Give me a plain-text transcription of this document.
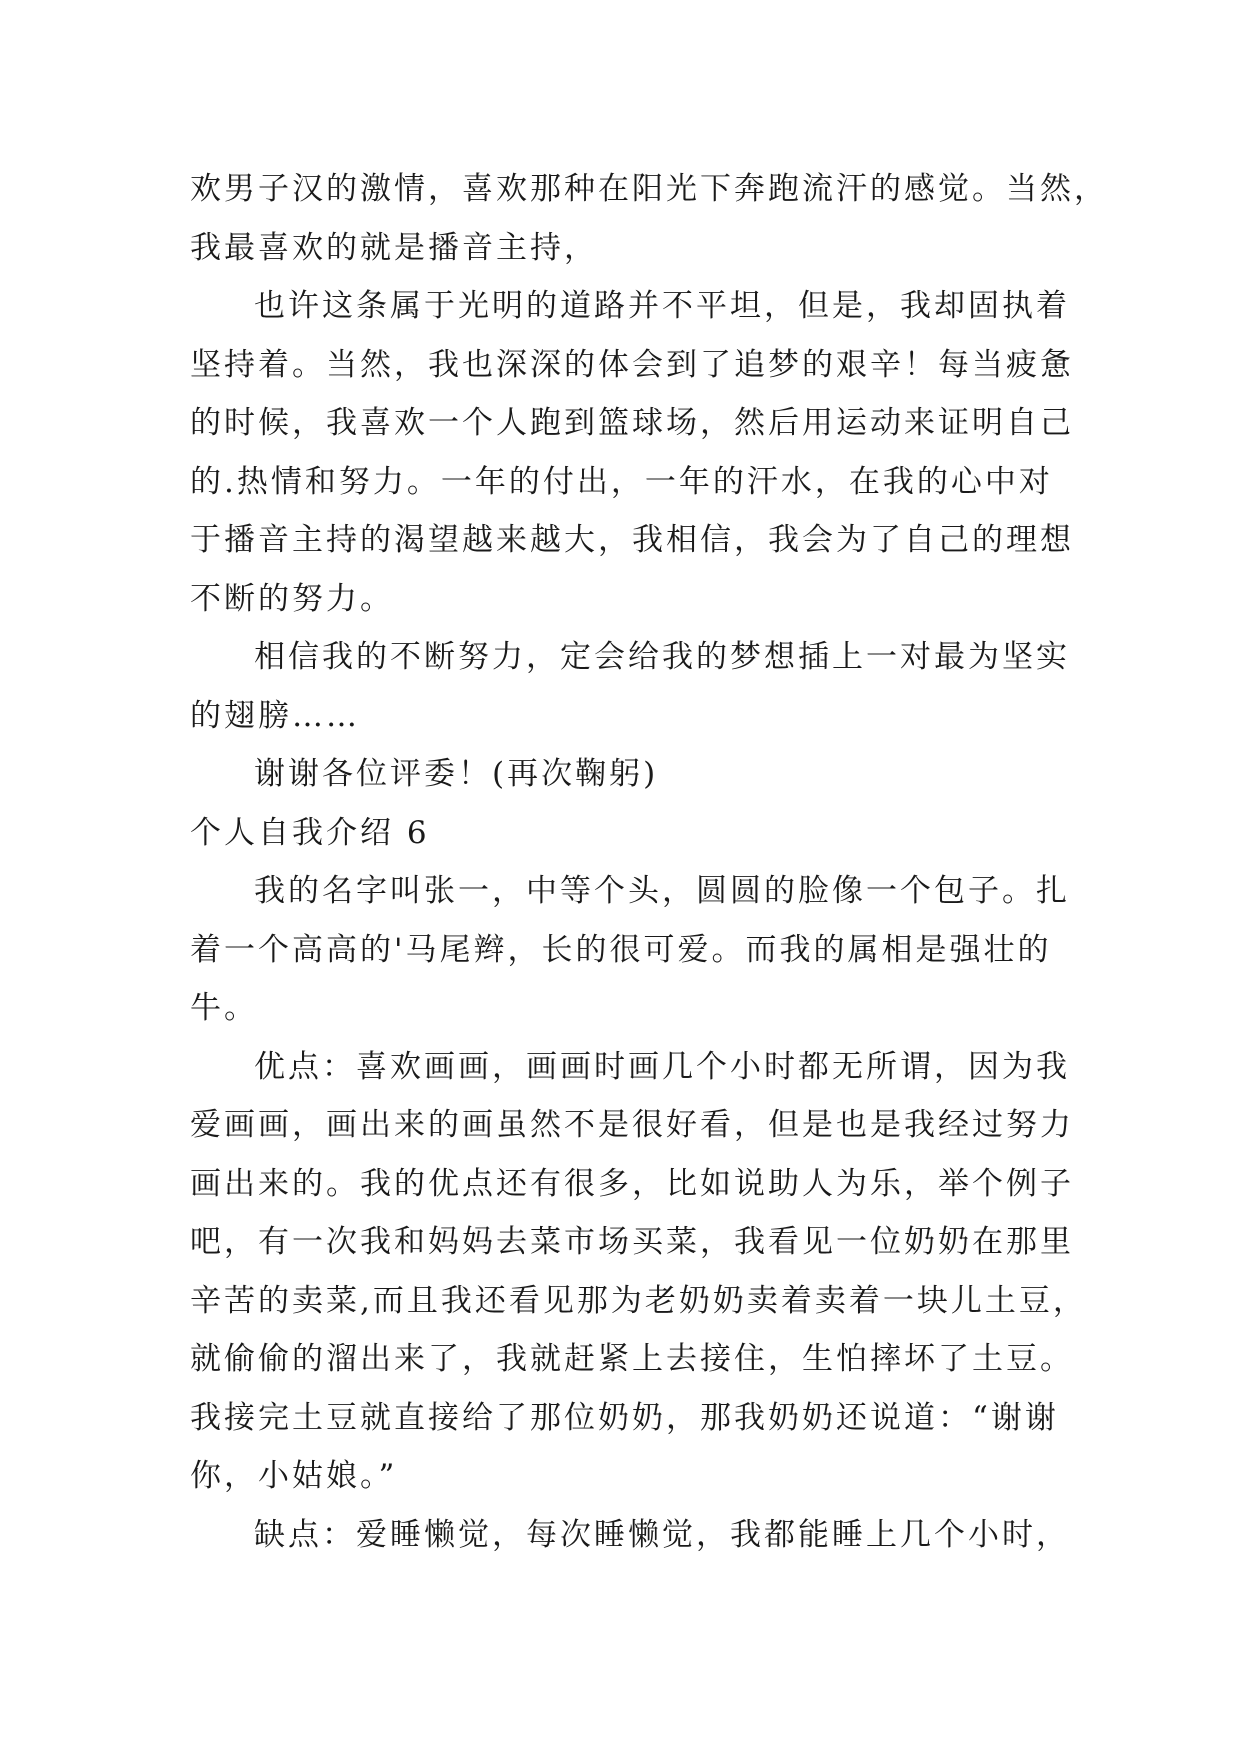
欢男子汉的激情，喜欢那种在阳光下奔跑流汗的感觉。当然，
我最喜欢的就是播音主持，
也许这条属于光明的道路并不平坦，但是，我却固执着
坚持着。当然，我也深深的体会到了追梦的艰辛！每当疲惫
的时候，我喜欢一个人跑到篮球场，然后用运动来证明自己
的.热情和努力。一年的付出，一年的汗水，在我的心中对
于播音主持的渴望越来越大，我相信，我会为了自己的理想
不断的努力。
相信我的不断努力，定会给我的梦想插上一对最为坚实
的翅膀……
谢谢各位评委！(再次鞠躬)
个人自我介绍 6
我的名字叫张一，中等个头，圆圆的脸像一个包子。扎
着一个高高的'马尾辫，长的很可爱。而我的属相是强壮的
牛。
优点：喜欢画画，画画时画几个小时都无所谓，因为我
爱画画，画出来的画虽然不是很好看，但是也是我经过努力
画出来的。我的优点还有很多，比如说助人为乐，举个例子
吧，有一次我和妈妈去菜市场买菜，我看见一位奶奶在那里
辛苦的卖菜,而且我还看见那为老奶奶卖着卖着一块儿土豆，
就偷偷的溜出来了，我就赶紧上去接住，生怕摔坏了土豆。
我接完土豆就直接给了那位奶奶，那我奶奶还说道：“谢谢
你，小姑娘。”
缺点：爱睡懒觉，每次睡懒觉，我都能睡上几个小时，
